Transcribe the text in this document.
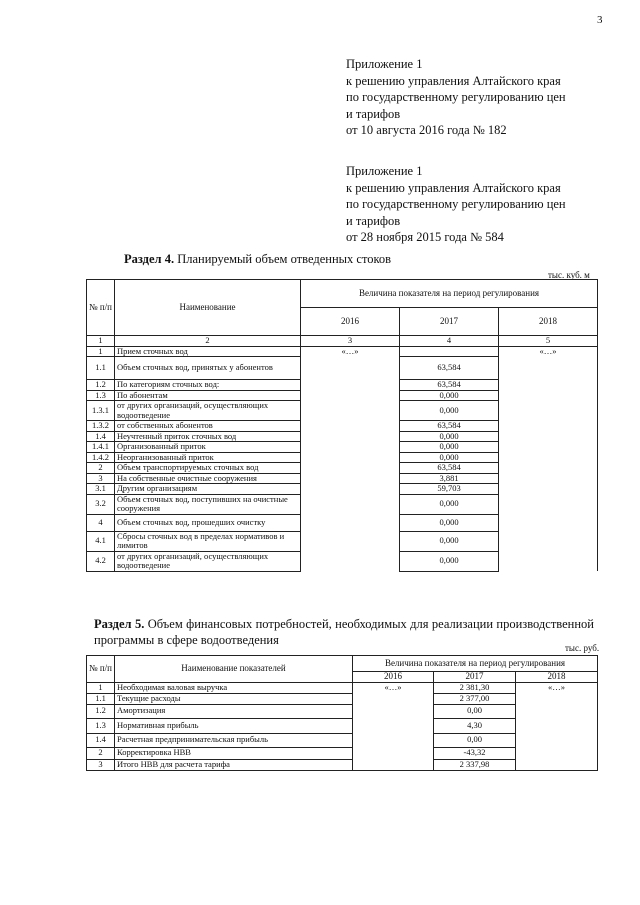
3
Приложение 1
к решению управления Алтайского края
по государственному регулированию цен
и тарифов
от 10 августа 2016 года № 182
Приложение 1
к решению управления Алтайского края
по государственному регулированию цен
и тарифов
от 28 ноября 2015 года № 584
Раздел 4. Планируемый объем отведенных стоков
тыс. куб. м
№ п/п	Наименование	Величина показателя на период регулирования		
		2016	2017	2018
1	2	3	4	5
1	Прием сточных вод	«…»		«…»
1.1	Объем сточных вод, принятых у абонентов		63,584	
1.2	По категориям сточных вод:		63,584	
1.3	По абонентам		0,000	
1.3.1	от других организаций, осуществляющих водоотведение		0,000	
1.3.2	от собственных абонентов		63,584	
1.4	Неучтенный приток сточных вод		0,000	
1.4.1	Организованный приток		0,000	
1.4.2	Неорганизованный приток		0,000	
2	Объем транспортируемых сточных вод		63,584	
3	На собственные очистные сооружения		3,881	
3.1	Другим организациям		59,703	
3.2	Объем сточных вод, поступивших на очистные сооружения		0,000	
4	Объем сточных вод, прошедших очистку		0,000	
4.1	Сбросы сточных вод в пределах нормативов и лимитов		0,000	
4.2	от других организаций, осуществляющих водоотведение		0,000	
Раздел 5. Объем финансовых потребностей, необходимых для реализации производственной программы в сфере водоотведения
тыс. руб.
№ п/п	Наименование показателей	Величина показателя на период регулирования		
		2016	2017	2018
1	Необходимая валовая выручка	«…»	2 381,30	«…»
1.1	Текущие расходы		2 377,00	
1.2	Амортизация		0,00	
1.3	Нормативная прибыль		4,30	
1.4	Расчетная предпринимательская прибыль		0,00	
2	Корректировка НВВ		-43,32	
3	Итого НВВ для расчета тарифа		2 337,98	
